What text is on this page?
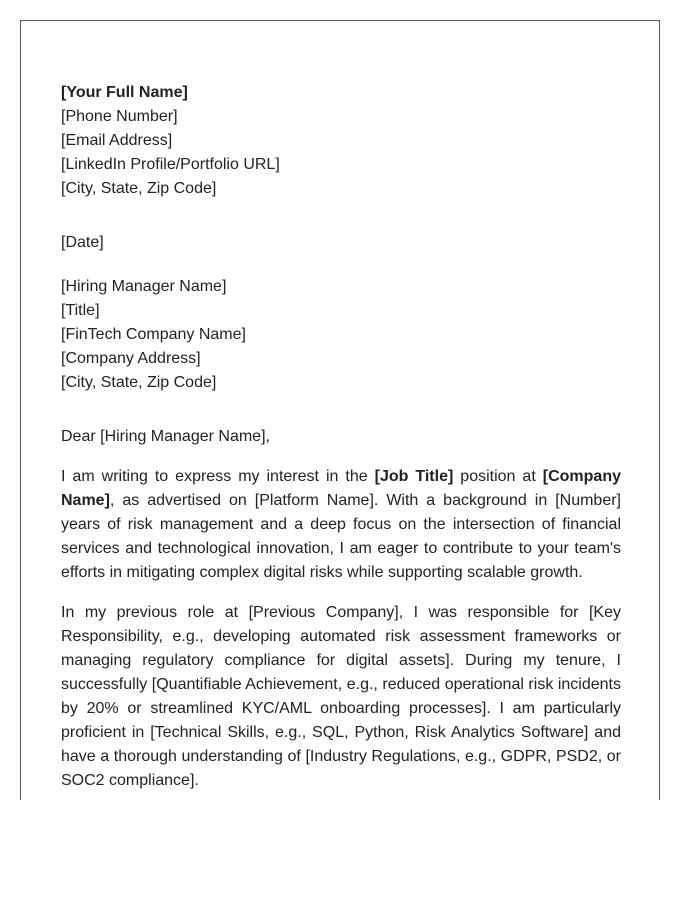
[Your Full Name]
[Phone Number]
[Email Address]
[LinkedIn Profile/Portfolio URL]
[City, State, Zip Code]
[Date]
[Hiring Manager Name]
[Title]
[FinTech Company Name]
[Company Address]
[City, State, Zip Code]
Dear [Hiring Manager Name],

I am writing to express my interest in the [Job Title] position at [Company Name], as advertised on [Platform Name]. With a background in [Number] years of risk management and a deep focus on the intersection of financial services and technological innovation, I am eager to contribute to your team's efforts in mitigating complex digital risks while supporting scalable growth.

In my previous role at [Previous Company], I was responsible for [Key Responsibility, e.g., developing automated risk assessment frameworks or managing regulatory compliance for digital assets]. During my tenure, I successfully [Quantifiable Achievement, e.g., reduced operational risk incidents by 20% or streamlined KYC/AML onboarding processes]. I am particularly proficient in [Technical Skills, e.g., SQL, Python, Risk Analytics Software] and have a thorough understanding of [Industry Regulations, e.g., GDPR, PSD2, or SOC2 compliance].
